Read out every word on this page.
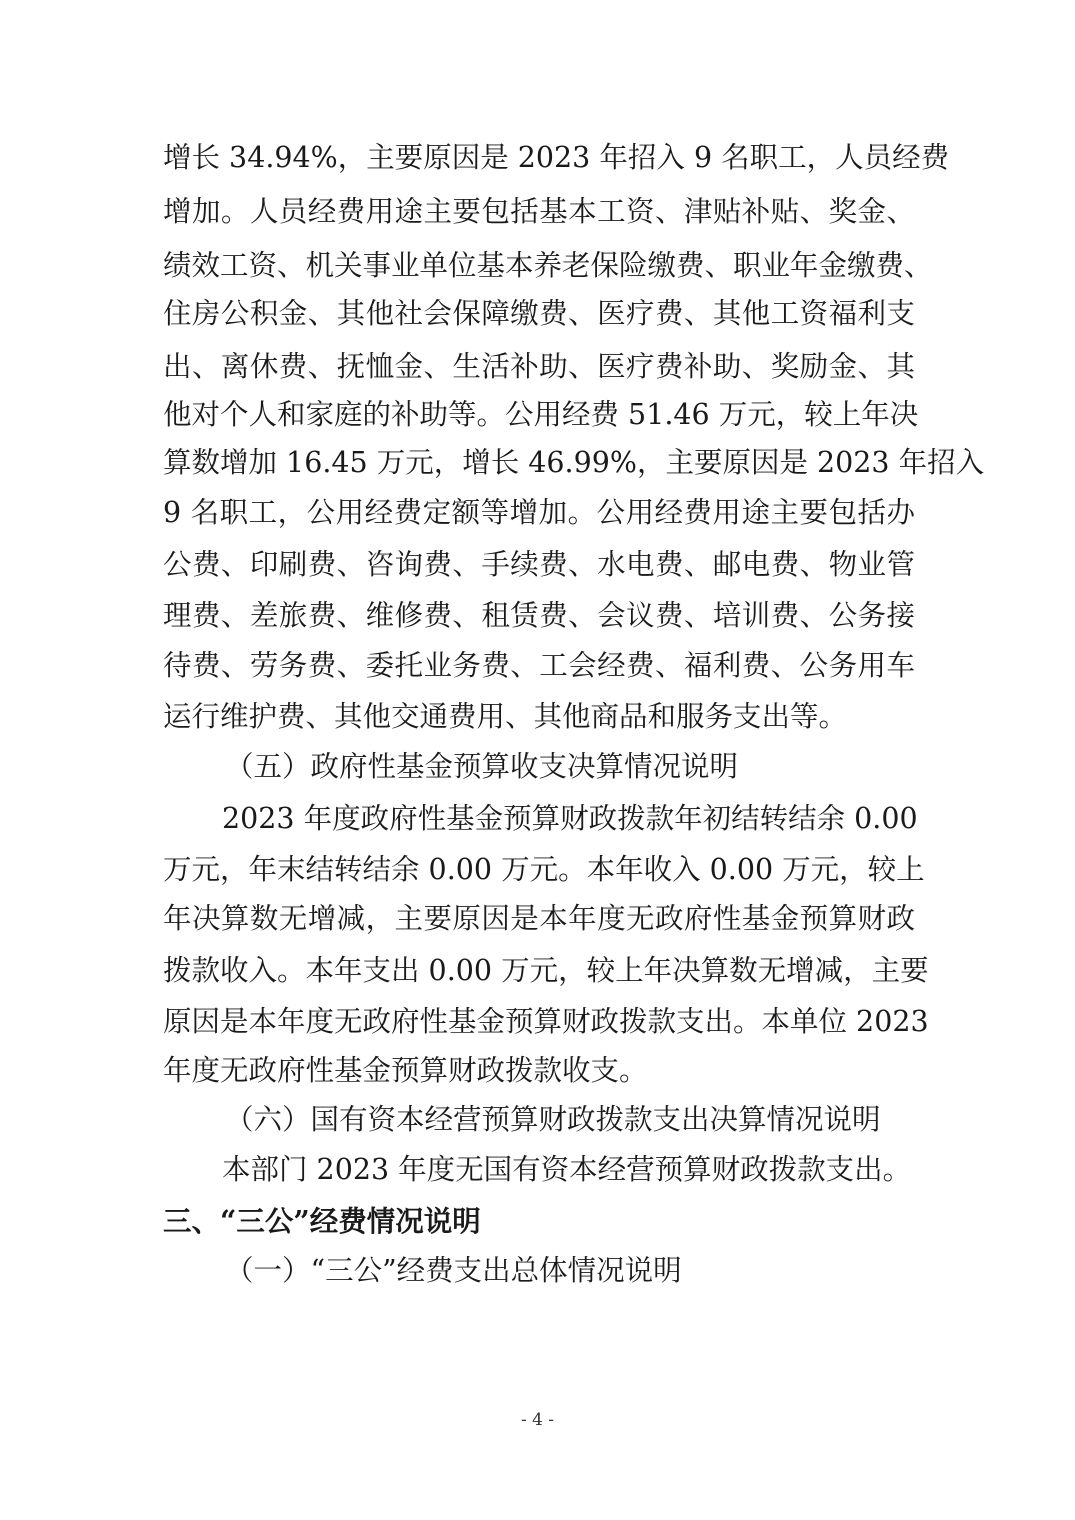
增长 34.94%，主要原因是 2023 年招入 9 名职工，人员经费
增加。人员经费用途主要包括基本工资、津贴补贴、奖金、
绩效工资、机关事业单位基本养老保险缴费、职业年金缴费、
住房公积金、其他社会保障缴费、医疗费、其他工资福利支
出、离休费、抚恤金、生活补助、医疗费补助、奖励金、其
他对个人和家庭的补助等。公用经费 51.46 万元，较上年决
算数增加 16.45 万元，增长 46.99%，主要原因是 2023 年招入
9 名职工，公用经费定额等增加。公用经费用途主要包括办
公费、印刷费、咨询费、手续费、水电费、邮电费、物业管
理费、差旅费、维修费、租赁费、会议费、培训费、公务接
待费、劳务费、委托业务费、工会经费、福利费、公务用车
运行维护费、其他交通费用、其他商品和服务支出等。
（五）政府性基金预算收支决算情况说明
2023 年度政府性基金预算财政拨款年初结转结余 0.00
万元，年末结转结余 0.00 万元。本年收入 0.00 万元，较上
年决算数无增减，主要原因是本年度无政府性基金预算财政
拨款收入。本年支出 0.00 万元，较上年决算数无增减，主要
原因是本年度无政府性基金预算财政拨款支出。本单位 2023
年度无政府性基金预算财政拨款收支。
（六）国有资本经营预算财政拨款支出决算情况说明
本部门 2023 年度无国有资本经营预算财政拨款支出。
三、“三公”经费情况说明
（一）“三公”经费支出总体情况说明
- 4 -
